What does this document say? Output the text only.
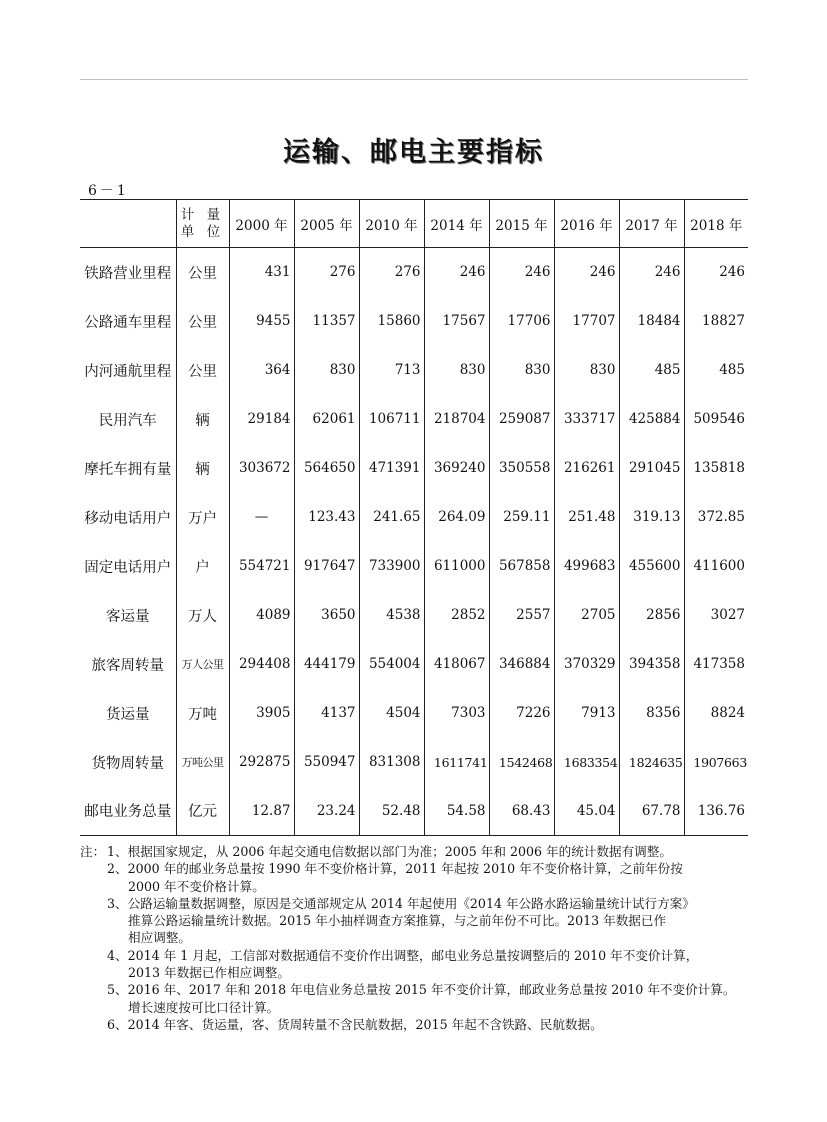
运输、邮电主要指标
6－1

	计 量
单 位	2000 年	2005 年	2010 年	2014 年	2015 年	2016 年	2017 年	2018 年
铁路营业里程	公里	431	276	276	246	246	246	246	246
公路通车里程	公里	9455	11357	15860	17567	17706	17707	18484	18827
内河通航里程	公里	364	830	713	830	830	830	485	485
民用汽车	辆	29184	62061	106711	218704	259087	333717	425884	509546
摩托车拥有量	辆	303672	564650	471391	369240	350558	216261	291045	135818
移动电话用户	万户	—	123.43	241.65	264.09	259.11	251.48	319.13	372.85
固定电话用户	户	554721	917647	733900	611000	567858	499683	455600	411600
客运量	万人	4089	3650	4538	2852	2557	2705	2856	3027
旅客周转量	万人公里	294408	444179	554004	418067	346884	370329	394358	417358
货运量	万吨	3905	4137	4504	7303	7226	7913	8356	8824
货物周转量	万吨公里	292875	550947	831308	1611741	1542468	1683354	1824635	1907663
邮电业务总量	亿元	12.87	23.24	52.48	54.58	68.43	45.04	67.78	136.76
注： 1、根据国家规定，从 2006 年起交通电信数据以部门为准；2005 年和 2006 年的统计数据有调整。
2、2000 年的邮业务总量按 1990 年不变价格计算，2011 年起按 2010 年不变价格计算，之前年份按
2000 年不变价格计算。
3、公路运输量数据调整，原因是交通部规定从 2014 年起使用《2014 年公路水路运输量统计试行方案》
推算公路运输量统计数据。2015 年小抽样调查方案推算，与之前年份不可比。2013 年数据已作
相应调整。
4、2014 年 1 月起，工信部对数据通信不变价作出调整，邮电业务总量按调整后的 2010 年不变价计算，
2013 年数据已作相应调整。
5、2016 年、2017 年和 2018 年电信业务总量按 2015 年不变价计算，邮政业务总量按 2010 年不变价计算。
增长速度按可比口径计算。
6、2014 年客、货运量，客、货周转量不含民航数据，2015 年起不含铁路、民航数据。
